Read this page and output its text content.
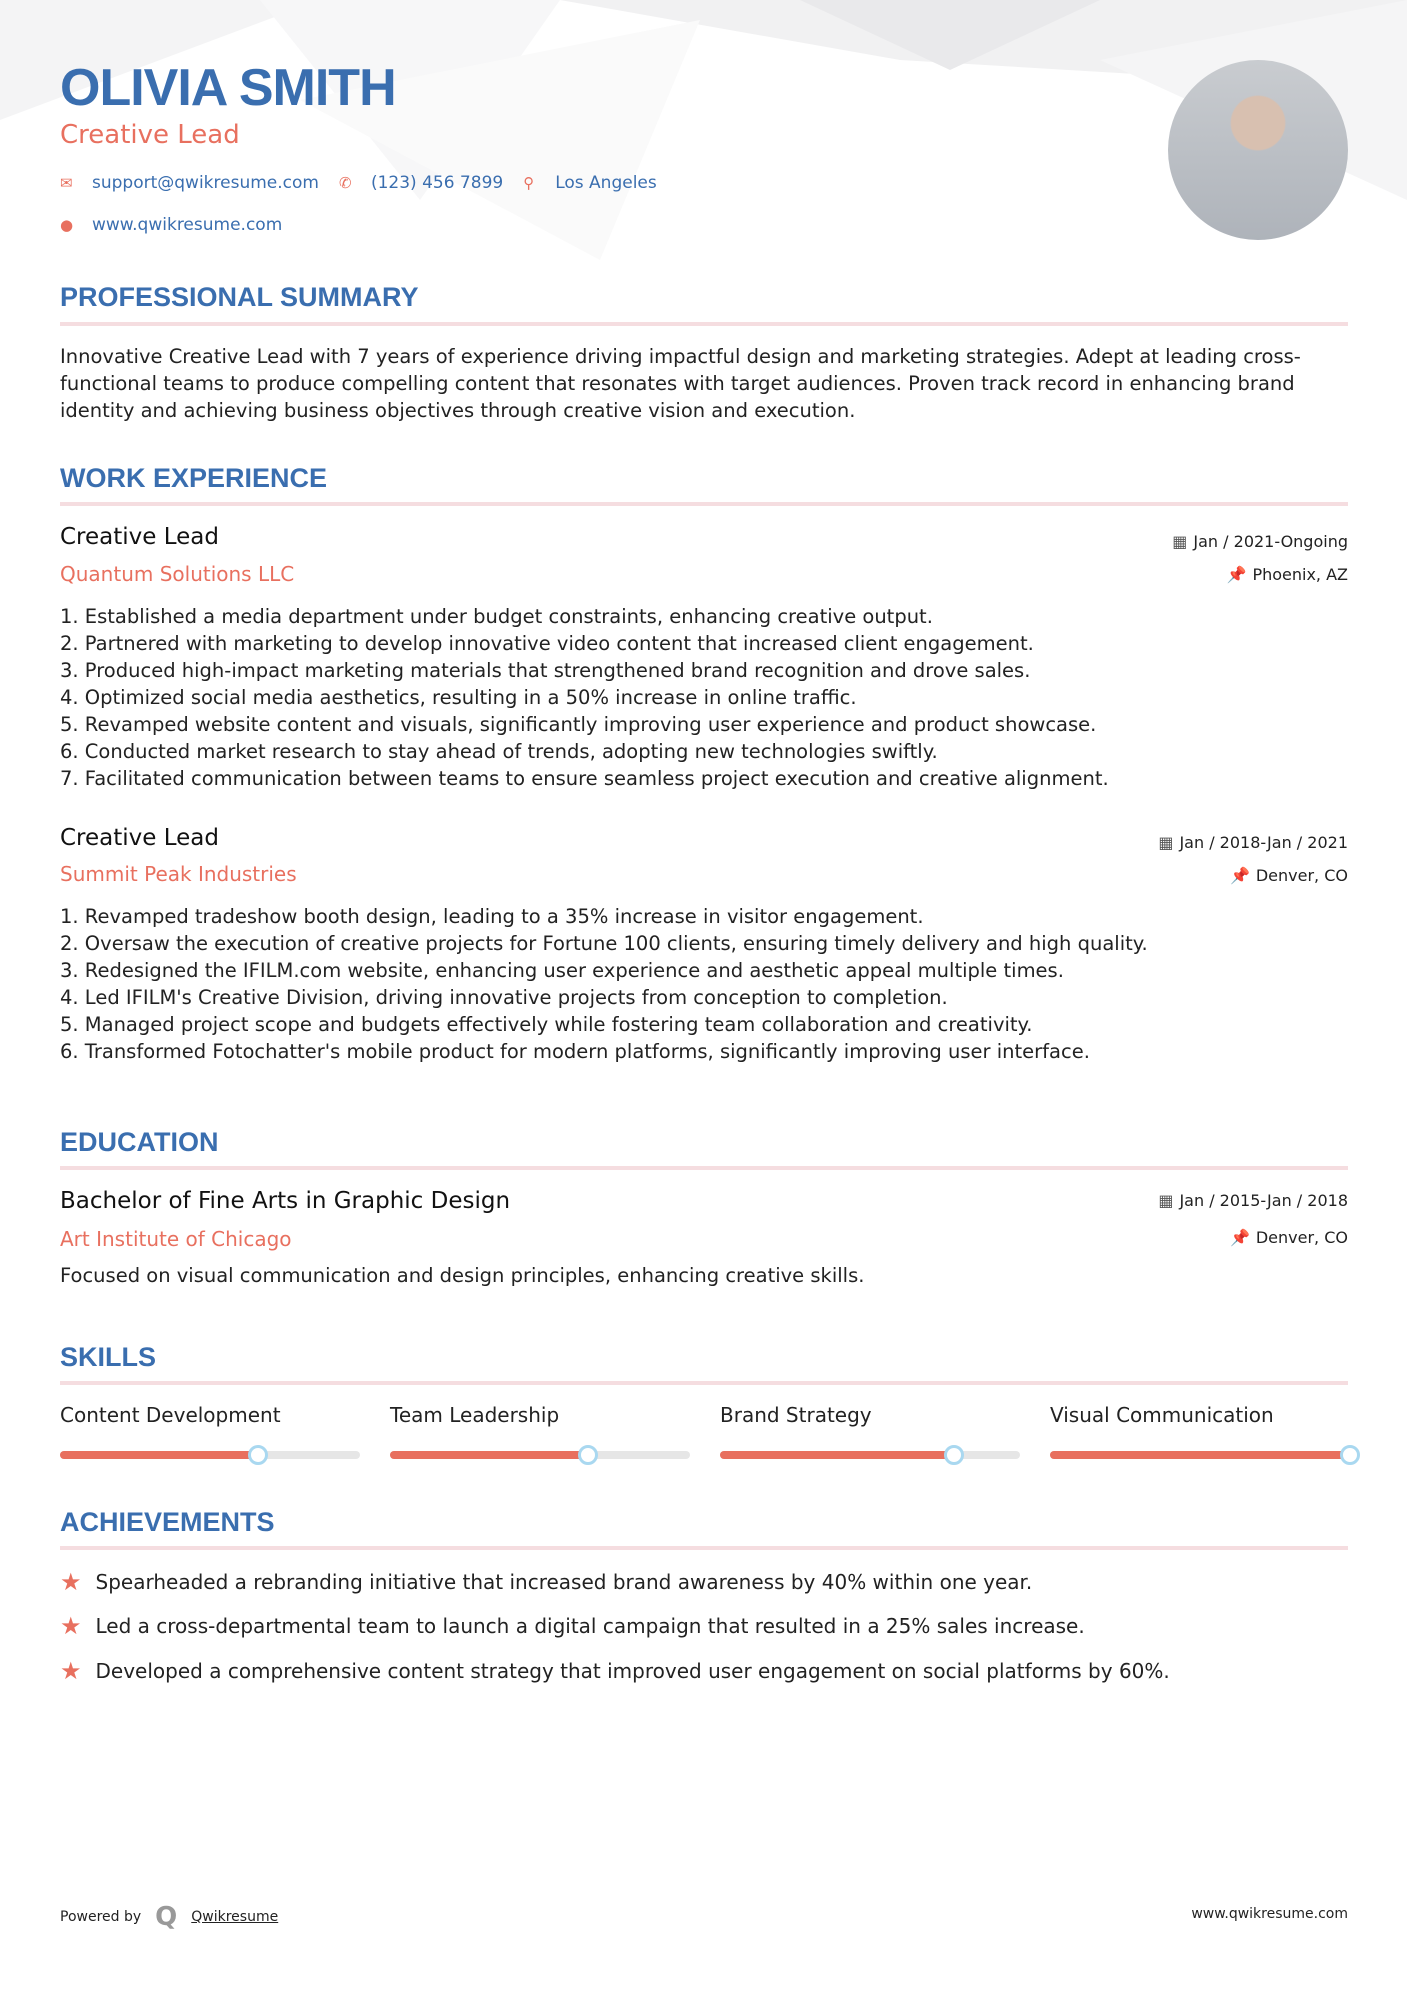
OLIVIA SMITH
Creative Lead
✉	support@qwikresume.com ✆	(123) 456 7899 ⚲	Los Angeles
●	www.qwikresume.com
PROFESSIONAL SUMMARY
Innovative Creative Lead with 7 years of experience driving impactful design and marketing strategies. Adept at leading cross-functional teams to produce compelling content that resonates with target audiences. Proven track record in enhancing brand identity and achieving business objectives through creative vision and execution.
WORK EXPERIENCE
Creative Lead
Quantum Solutions LLC
▦ Jan / 2021-Ongoing
📌 Phoenix, AZ
1. Established a media department under budget constraints, enhancing creative output.
2. Partnered with marketing to develop innovative video content that increased client engagement.
3. Produced high-impact marketing materials that strengthened brand recognition and drove sales.
4. Optimized social media aesthetics, resulting in a 50% increase in online traffic.
5. Revamped website content and visuals, significantly improving user experience and product showcase.
6. Conducted market research to stay ahead of trends, adopting new technologies swiftly.
7. Facilitated communication between teams to ensure seamless project execution and creative alignment.
Creative Lead
Summit Peak Industries
▦ Jan / 2018-Jan / 2021
📌 Denver, CO
1. Revamped tradeshow booth design, leading to a 35% increase in visitor engagement.
2. Oversaw the execution of creative projects for Fortune 100 clients, ensuring timely delivery and high quality.
3. Redesigned the IFILM.com website, enhancing user experience and aesthetic appeal multiple times.
4. Led IFILM's Creative Division, driving innovative projects from conception to completion.
5. Managed project scope and budgets effectively while fostering team collaboration and creativity.
6. Transformed Fotochatter's mobile product for modern platforms, significantly improving user interface.
EDUCATION
Bachelor of Fine Arts in Graphic Design
Art Institute of Chicago
▦ Jan / 2015-Jan / 2018
📌 Denver, CO
Focused on visual communication and design principles, enhancing creative skills.
SKILLS
Content Development	Team Leadership	Brand Strategy	Visual Communication
ACHIEVEMENTS
★ Spearheaded a rebranding initiative that increased brand awareness by 40% within one year.
★ Led a cross-departmental team to launch a digital campaign that resulted in a 25% sales increase.
★ Developed a comprehensive content strategy that improved user engagement on social platforms by 60%.
Powered by Q Qwikresume	www.qwikresume.com
